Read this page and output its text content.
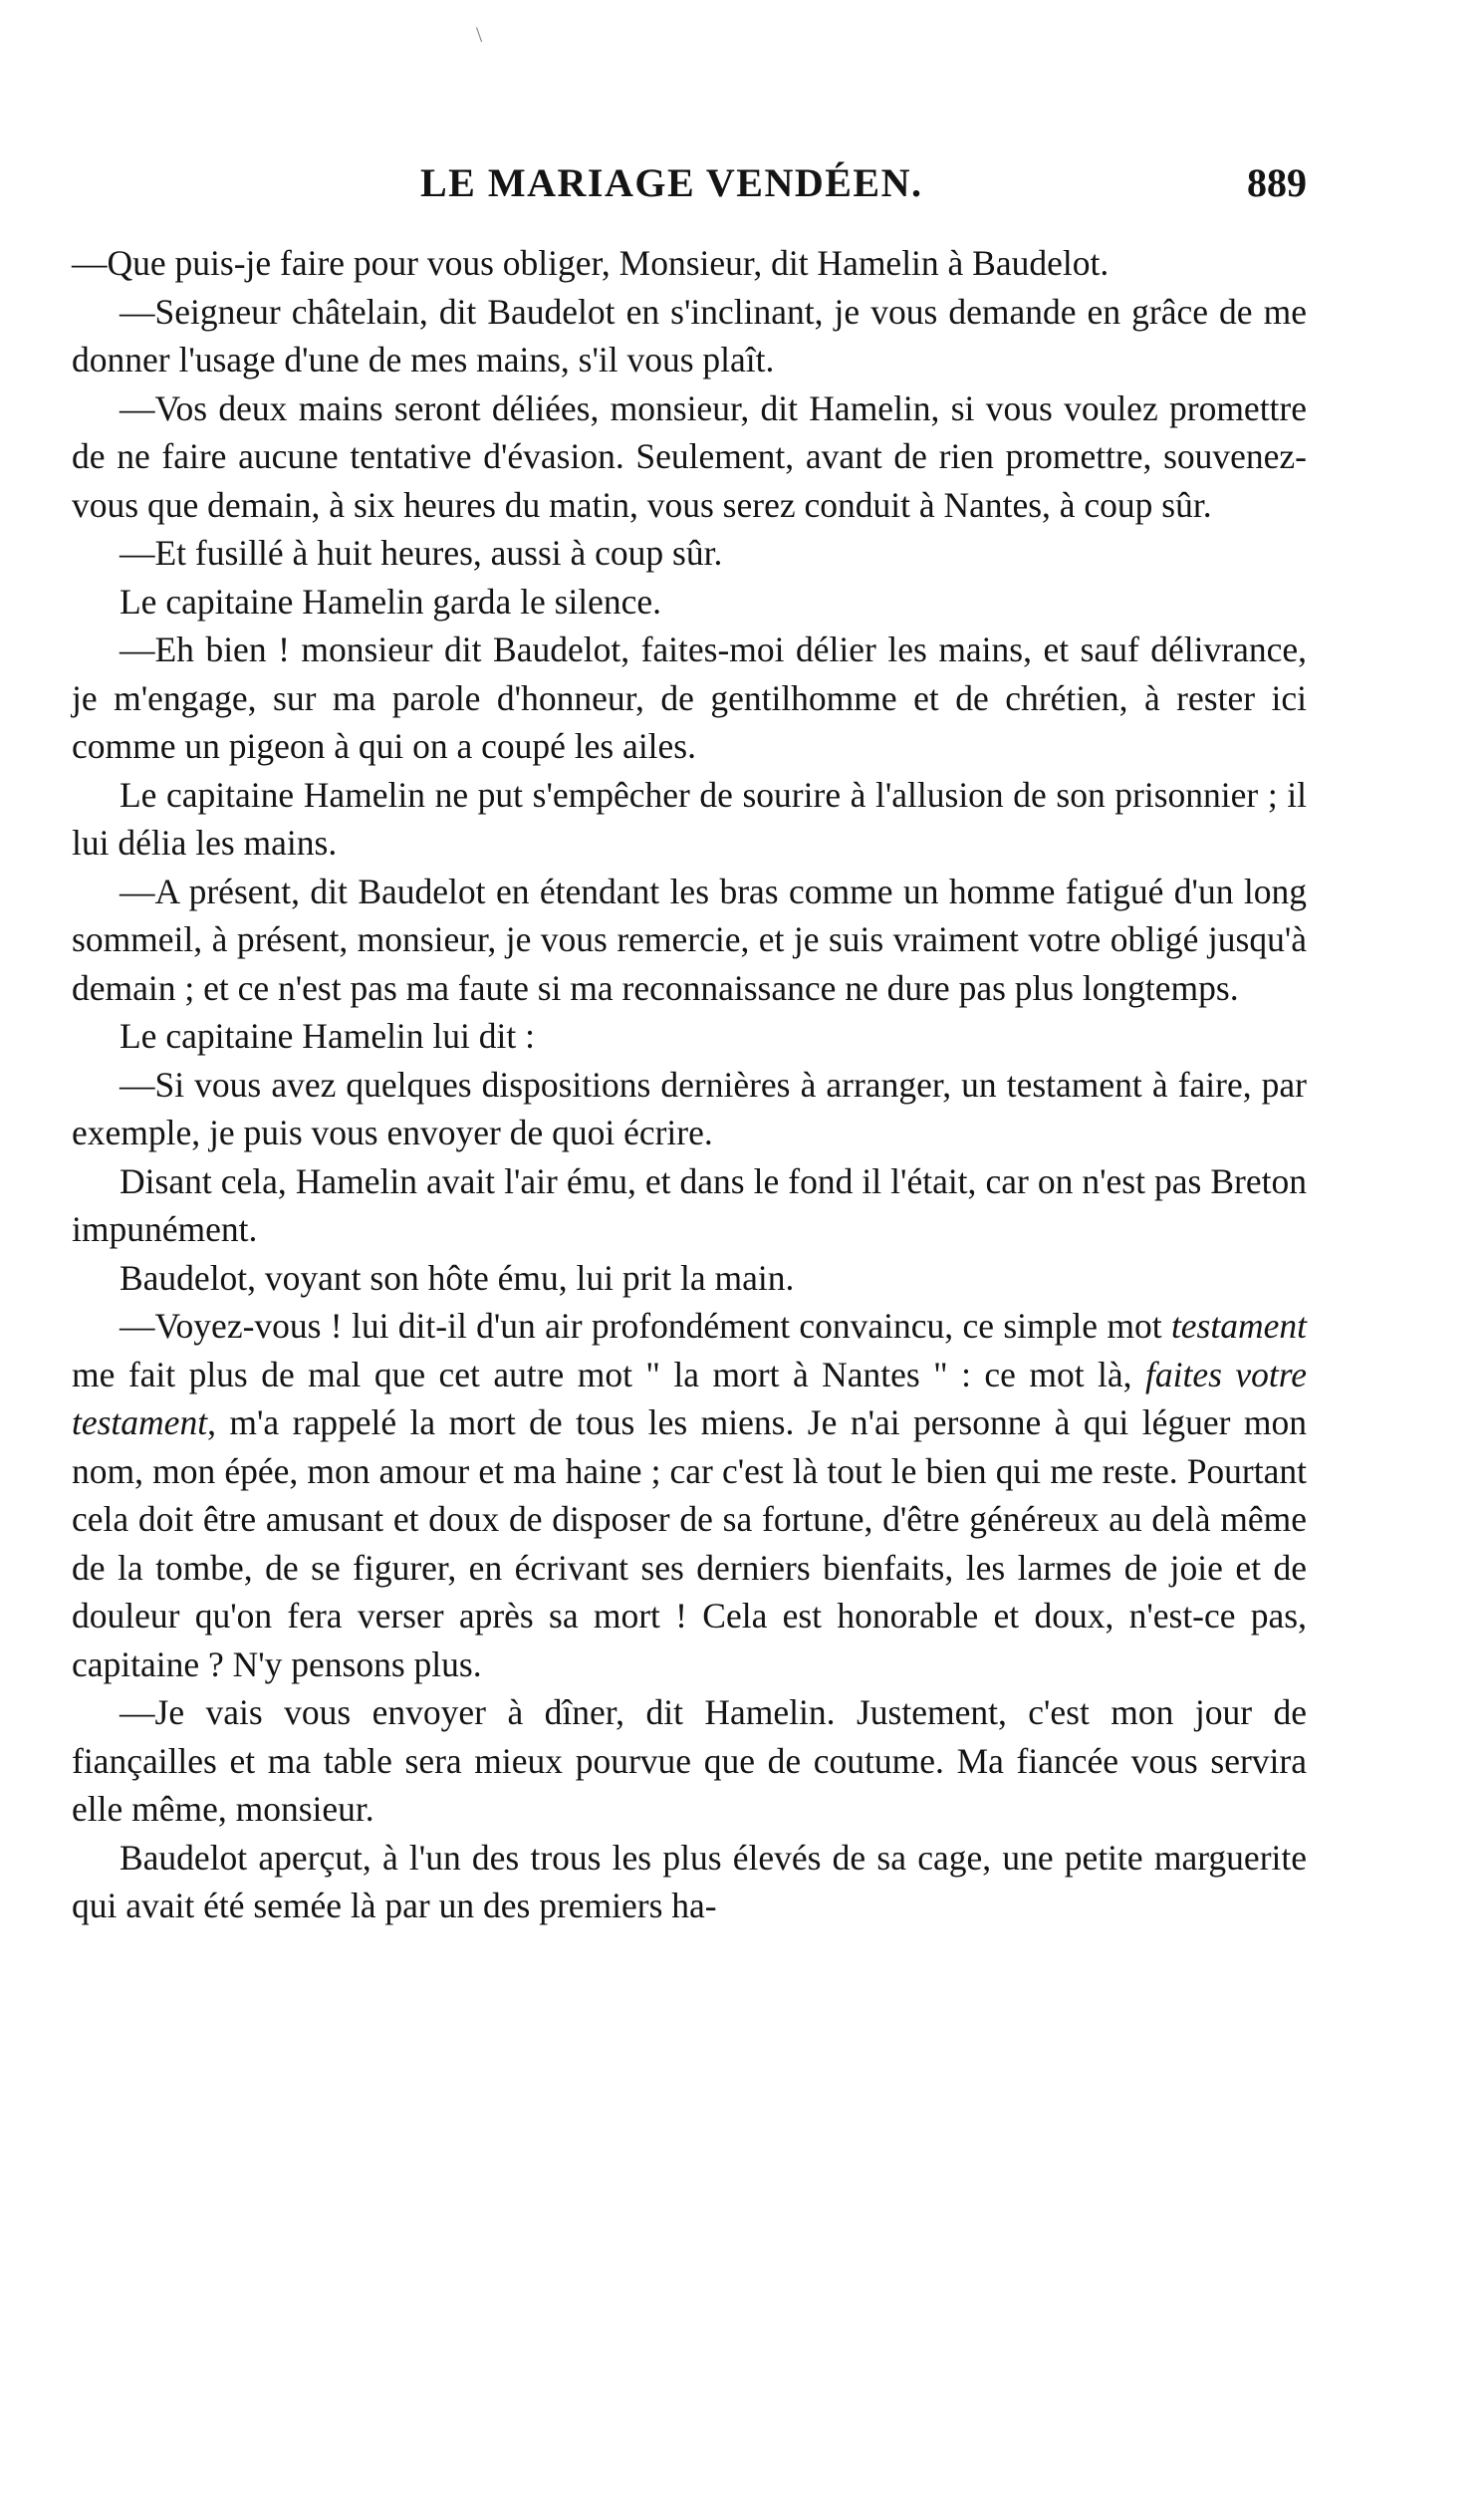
\
LE MARIAGE VENDÉEN.	889

—Que puis-je faire pour vous obliger, Monsieur, dit Hamelin à Baudelot.

—Seigneur châtelain, dit Baudelot en s'inclinant, je vous demande en grâce de me donner l'usage d'une de mes mains, s'il vous plaît.

—Vos deux mains seront déliées, monsieur, dit Hamelin, si vous voulez promettre de ne faire aucune tentative d'évasion. Seulement, avant de rien promettre, souvenez-vous que demain, à six heures du matin, vous serez conduit à Nantes, à coup sûr.

—Et fusillé à huit heures, aussi à coup sûr.

Le capitaine Hamelin garda le silence.

—Eh bien ! monsieur dit Baudelot, faites-moi délier les mains, et sauf délivrance, je m'engage, sur ma parole d'honneur, de gentilhomme et de chrétien, à rester ici comme un pigeon à qui on a coupé les ailes.

Le capitaine Hamelin ne put s'empêcher de sourire à l'allusion de son prisonnier ; il lui délia les mains.

—A présent, dit Baudelot en étendant les bras comme un homme fatigué d'un long sommeil, à présent, monsieur, je vous remercie, et je suis vraiment votre obligé jusqu'à demain ; et ce n'est pas ma faute si ma reconnaissance ne dure pas plus longtemps.

Le capitaine Hamelin lui dit :

—Si vous avez quelques dispositions dernières à arranger, un testament à faire, par exemple, je puis vous envoyer de quoi écrire.

Disant cela, Hamelin avait l'air ému, et dans le fond il l'était, car on n'est pas Breton impunément.

Baudelot, voyant son hôte ému, lui prit la main.

—Voyez-vous ! lui dit-il d'un air profondément convaincu, ce simple mot testament me fait plus de mal que cet autre mot " la mort à Nantes " : ce mot là, faites votre testament, m'a rappelé la mort de tous les miens. Je n'ai personne à qui léguer mon nom, mon épée, mon amour et ma haine ; car c'est là tout le bien qui me reste. Pourtant cela doit être amusant et doux de disposer de sa fortune, d'être généreux au delà même de la tombe, de se figurer, en écrivant ses derniers bienfaits, les larmes de joie et de douleur qu'on fera verser après sa mort ! Cela est honorable et doux, n'est-ce pas, capitaine ? N'y pensons plus.

—Je vais vous envoyer à dîner, dit Hamelin. Justement, c'est mon jour de fiançailles et ma table sera mieux pourvue que de coutume. Ma fiancée vous servira elle même, monsieur.

Baudelot aperçut, à l'un des trous les plus élevés de sa cage, une petite marguerite qui avait été semée là par un des premiers ha-
